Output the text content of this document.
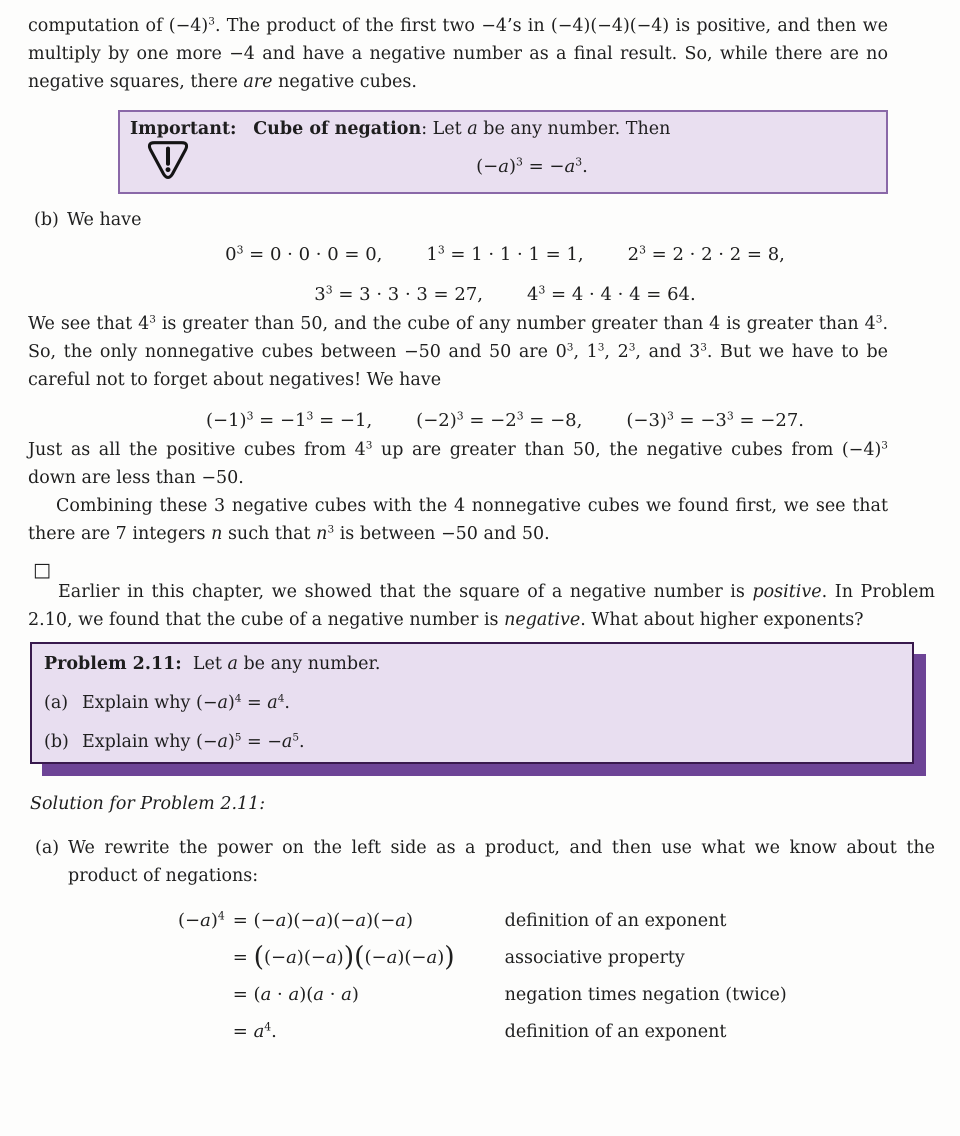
computation of $(-4)^3$. The product of the first two −4’s in (−4)(−4)(−4) is positive, and then we multiply by one more −4 and have a negative number as a final result. So, while there are no negative squares, there are negative cubes.

Important: Cube of negation: Let a be any number. Then
$(-a)^3 = -a^3$.
(b) We have
$0^3 = 0 \cdot 0 \cdot 0 = 0$, $1^3 = 1 \cdot 1 \cdot 1 = 1$, $2^3 = 2 \cdot 2 \cdot 2 = 8$,
$3^3 = 3 \cdot 3 \cdot 3 = 27$, $4^3 = 4 \cdot 4 \cdot 4 = 64$.

We see that $4^3$ is greater than 50, and the cube of any number greater than 4 is greater than $4^3$. So, the only nonnegative cubes between −50 and 50 are $0^3$, $1^3$, $2^3$, and $3^3$. But we have to be careful not to forget about negatives! We have

$(-1)^3 = -1^3 = -1$, $(-2)^3 = -2^3 = -8$, $(-3)^3 = -3^3 = -27$.

Just as all the positive cubes from $4^3$ up are greater than 50, the negative cubes from $(-4)^3$ down are less than −50.

Combining these 3 negative cubes with the 4 nonnegative cubes we found first, we see that there are 7 integers n such that $n^3$ is between −50 and 50.

□

Earlier in this chapter, we showed that the square of a negative number is positive. In Problem 2.10, we found that the cube of a negative number is negative. What about higher exponents?

Problem 2.11:  Let a be any number.
(a) Explain why $(-a)^4 = a^4$.
(b) Explain why $(-a)^5 = -a^5$.
Solution for Problem 2.11:
(a) We rewrite the power on the left side as a product, and then use what we know about the product of negations:
$(-a)^4 = (-a)(-a)(-a)(-a)$	definition of an exponent
= ((−a)(−a))((−a)(−a))	associative property
= (a · a)(a · a)	negation times negation (twice)
= $a^4$.	definition of an exponent
